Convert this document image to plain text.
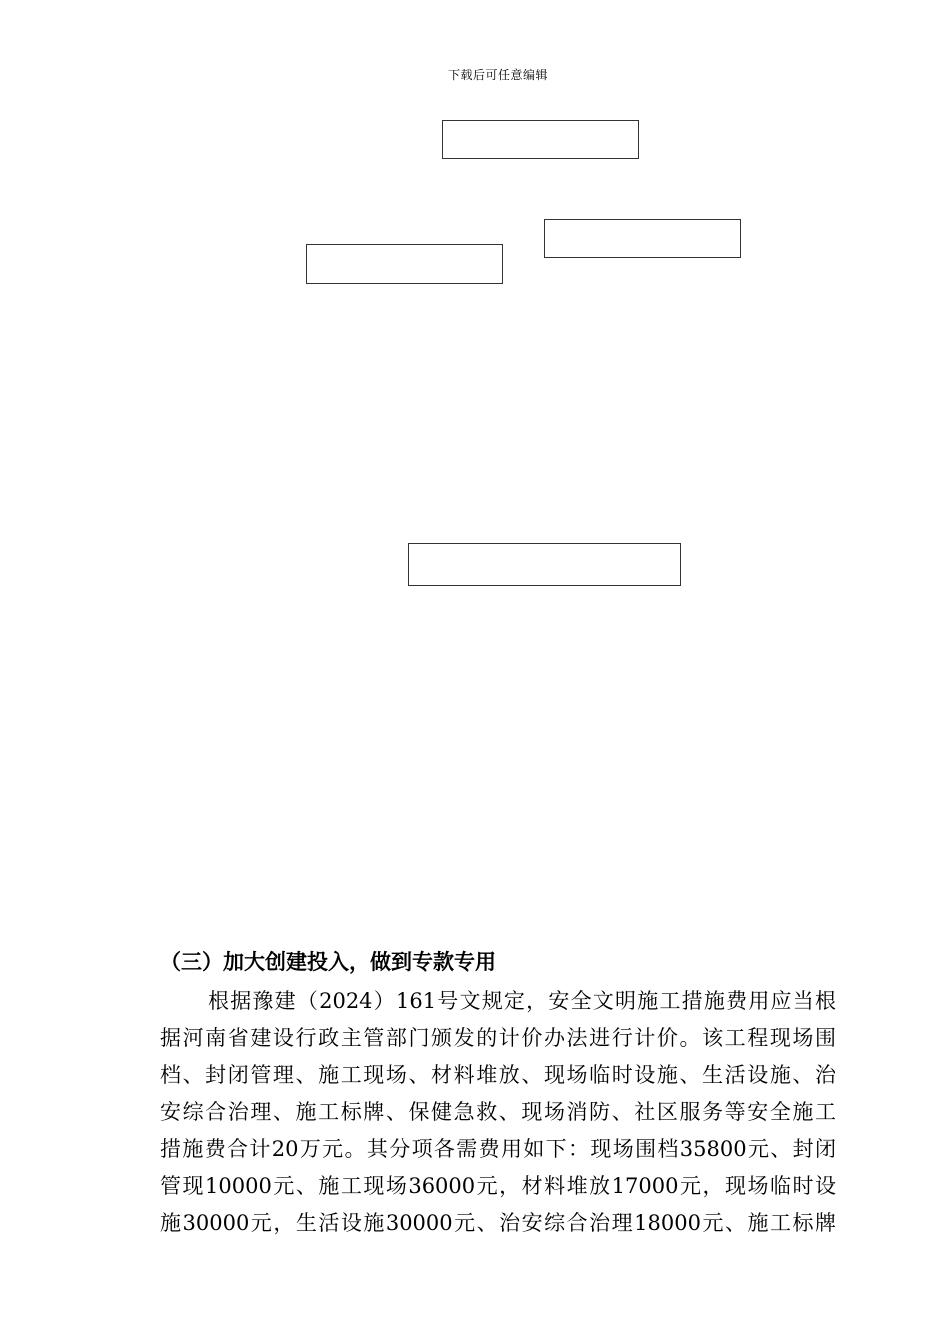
下载后可任意编辑
（三）加大创建投入，做到专款专用
根据豫建（2024）161号文规定，安全文明施工措施费用应当根
据河南省建设行政主管部门颁发的计价办法进行计价。该工程现场围
档、封闭管理、施工现场、材料堆放、现场临时设施、生活设施、治
安综合治理、施工标牌、保健急救、现场消防、社区服务等安全施工
措施费合计20万元。其分项各需费用如下：现场围档35800元、封闭
管现10000元、施工现场36000元，材料堆放17000元，现场临时设
施30000元，生活设施30000元、治安综合治理18000元、施工标牌
